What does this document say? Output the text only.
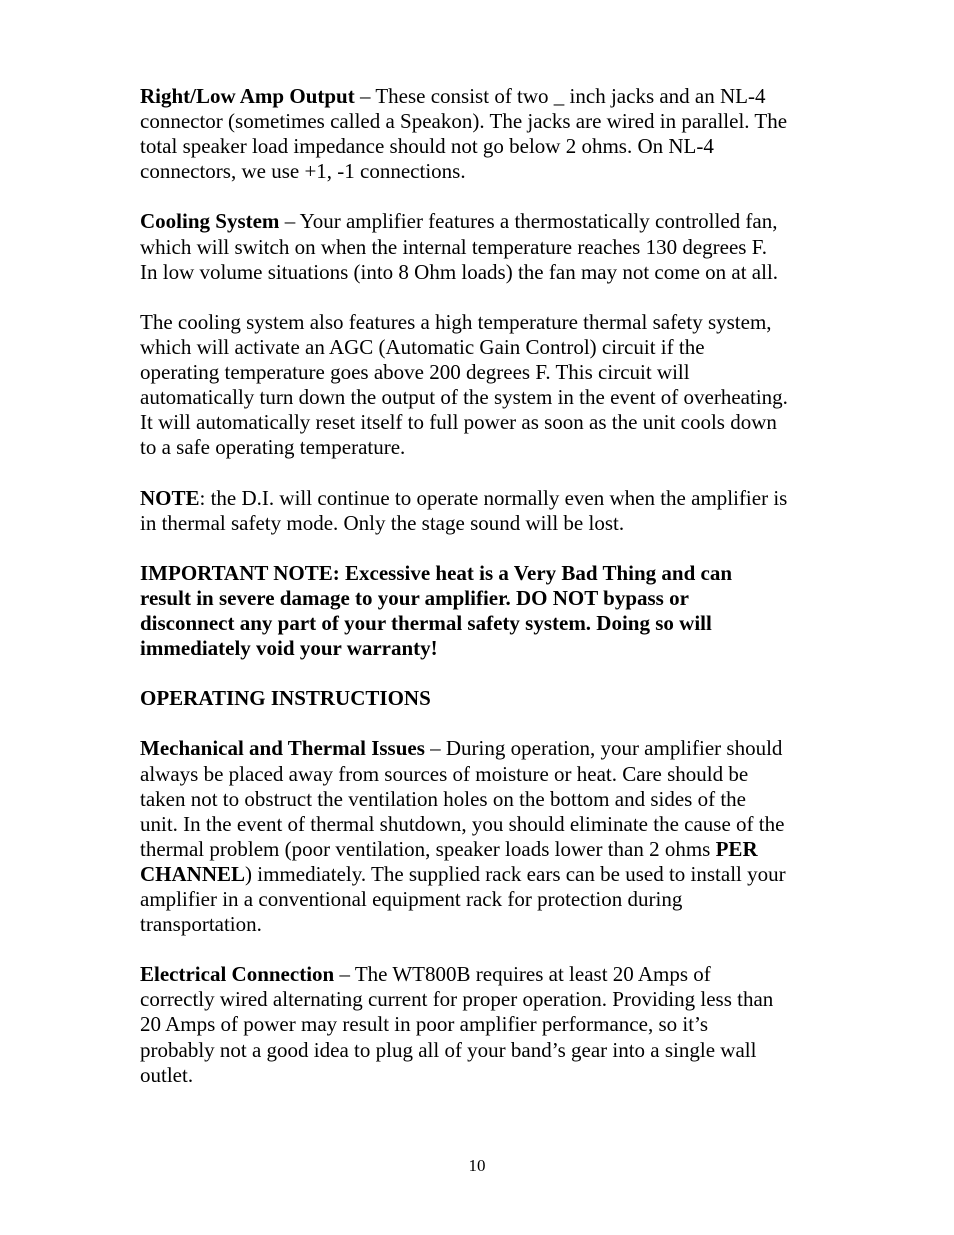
Right/Low Amp Output – These consist of two _ inch jacks and an NL-4
connector (sometimes called a Speakon). The jacks are wired in parallel. The
total speaker load impedance should not go below 2 ohms. On NL-4
connectors, we use +1, -1 connections.

Cooling System – Your amplifier features a thermostatically controlled fan,
which will switch on when the internal temperature reaches 130 degrees F.
In low volume situations (into 8 Ohm loads) the fan may not come on at all.

The cooling system also features a high temperature thermal safety system,
which will activate an AGC (Automatic Gain Control) circuit if the
operating temperature goes above 200 degrees F. This circuit will
automatically turn down the output of the system in the event of overheating.
It will automatically reset itself to full power as soon as the unit cools down
to a safe operating temperature.

NOTE: the D.I. will continue to operate normally even when the amplifier is
in thermal safety mode. Only the stage sound will be lost.

IMPORTANT NOTE: Excessive heat is a Very Bad Thing and can
result in severe damage to your amplifier. DO NOT bypass or
disconnect any part of your thermal safety system. Doing so will
immediately void your warranty!

OPERATING INSTRUCTIONS

Mechanical and Thermal Issues – During operation, your amplifier should
always be placed away from sources of moisture or heat. Care should be
taken not to obstruct the ventilation holes on the bottom and sides of the
unit. In the event of thermal shutdown, you should eliminate the cause of the
thermal problem (poor ventilation, speaker loads lower than 2 ohms PER
CHANNEL) immediately. The supplied rack ears can be used to install your
amplifier in a conventional equipment rack for protection during
transportation.

Electrical Connection – The WT800B requires at least 20 Amps of
correctly wired alternating current for proper operation. Providing less than
20 Amps of power may result in poor amplifier performance, so it’s
probably not a good idea to plug all of your band’s gear into a single wall
outlet.

10
